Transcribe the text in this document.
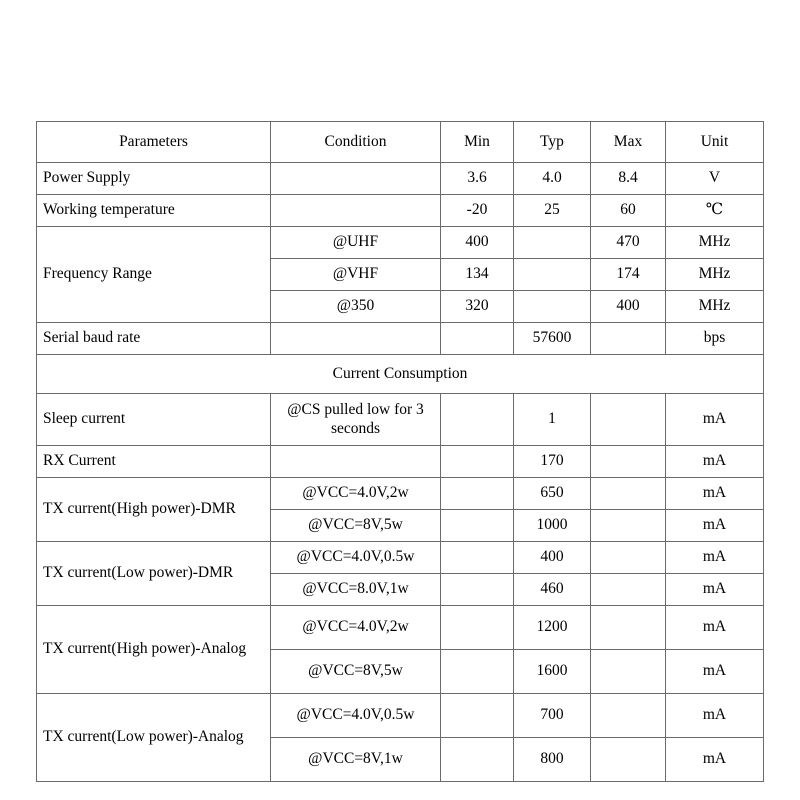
Parameters	Condition	Min	Typ	Max	Unit
Power Supply		3.6	4.0	8.4	V
Working temperature		-20	25	60	℃
Frequency Range	@UHF	400		470	MHz
	@VHF	134		174	MHz
	@350	320		400	MHz
Serial baud rate			57600		bps
Current Consumption					
Sleep current	@CS pulled low for 3 seconds		1		mA
RX Current			170		mA
TX current(High power)-DMR	@VCC=4.0V,2w		650		mA
	@VCC=8V,5w		1000		mA
TX current(Low power)-DMR	@VCC=4.0V,0.5w		400		mA
	@VCC=8.0V,1w		460		mA
TX current(High power)-Analog	@VCC=4.0V,2w		1200		mA
	@VCC=8V,5w		1600		mA
TX current(Low power)-Analog	@VCC=4.0V,0.5w		700		mA
	@VCC=8V,1w		800		mA
